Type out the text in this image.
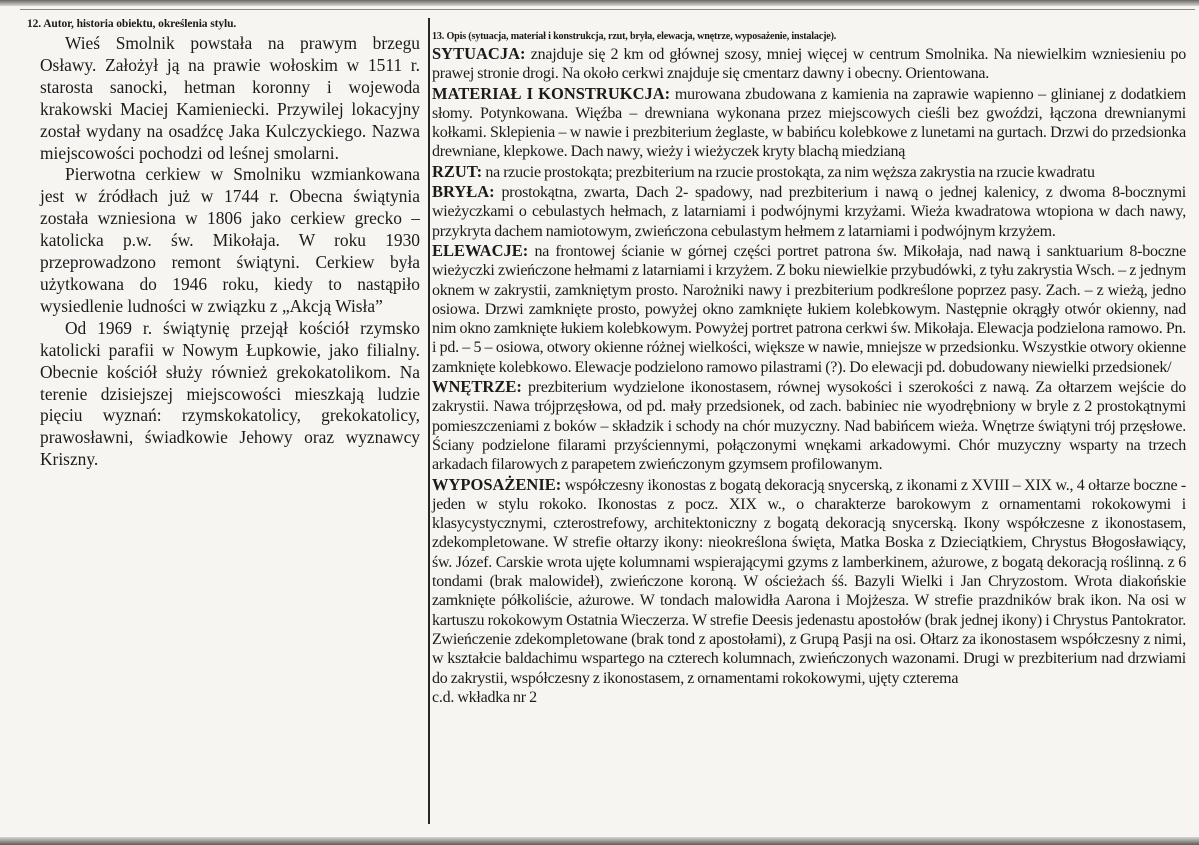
12. Autor, historia obiektu, określenia stylu.

Wieś Smolnik powstała na prawym brzegu Osławy. Założył ją na prawie wołoskim w 1511 r. starosta sanocki, hetman koronny i wojewoda krakowski Maciej Kamieniecki. Przywilej lokacyjny został wydany na osadźcę Jaka Kulczyckiego. Nazwa miejscowości pochodzi od leśnej smolarni.

Pierwotna cerkiew w Smolniku wzmiankowana jest w źródłach już w 1744 r. Obecna świątynia została wzniesiona w 1806 jako cerkiew grecko – katolicka p.w. św. Mikołaja. W roku 1930 przeprowadzono remont świątyni. Cerkiew była użytkowana do 1946 roku, kiedy to nastąpiło wysiedlenie ludności w związku z „Akcją Wisła”

Od 1969 r. świątynię przejął kościół rzymsko katolicki parafii w Nowym Łupkowie, jako filialny. Obecnie kościół służy również grekokatolikom. Na terenie dzisiejszej miejscowości mieszkają ludzie pięciu wyznań: rzymskokatolicy, grekokatolicy, prawosławni, świadkowie Jehowy oraz wyznawcy Kriszny.

13. Opis (sytuacja, materiał i konstrukcja, rzut, bryła, elewacja, wnętrze, wyposażenie, instalacje).

SYTUACJA: znajduje się 2 km od głównej szosy, mniej więcej w centrum Smolnika. Na niewielkim wzniesieniu po prawej stronie drogi. Na około cerkwi znajduje się cmentarz dawny i obecny. Orientowana.

MATERIAŁ I KONSTRUKCJA: murowana zbudowana z kamienia na zaprawie wapienno – glinianej z dodatkiem słomy. Potynkowana. Więźba – drewniana wykonana przez miejscowych cieśli bez gwoździ, łączona drewnianymi kołkami. Sklepienia – w nawie i prezbiterium żeglaste, w babińcu kolebkowe z lunetami na gurtach. Drzwi do przedsionka drewniane, klepkowe. Dach nawy, wieży i wieżyczek kryty blachą miedzianą

RZUT: na rzucie prostokąta; prezbiterium na rzucie prostokąta, za nim węższa zakrystia na rzucie kwadratu

BRYŁA: prostokątna, zwarta, Dach 2- spadowy, nad prezbiterium i nawą o jednej kalenicy, z dwoma 8-bocznymi wieżyczkami o cebulastych hełmach, z latarniami i podwójnymi krzyżami. Wieża kwadratowa wtopiona w dach nawy, przykryta dachem namiotowym, zwieńczona cebulastym hełmem z latarniami i podwójnym krzyżem.

ELEWACJE: na frontowej ścianie w górnej części portret patrona św. Mikołaja, nad nawą i sanktuarium 8-boczne wieżyczki zwieńczone hełmami z latarniami i krzyżem. Z boku niewielkie przybudówki, z tyłu zakrystia Wsch. – z jednym oknem w zakrystii, zamkniętym prosto. Narożniki nawy i prezbiterium podkreślone poprzez pasy. Zach. – z wieżą, jedno osiowa. Drzwi zamknięte prosto, powyżej okno zamknięte łukiem kolebkowym. Następnie okrągły otwór okienny, nad nim okno zamknięte łukiem kolebkowym. Powyżej portret patrona cerkwi św. Mikołaja. Elewacja podzielona ramowo. Pn. i pd. – 5 – osiowa, otwory okienne różnej wielkości, większe w nawie, mniejsze w przedsionku. Wszystkie otwory okienne zamknięte kolebkowo. Elewacje podzielono ramowo pilastrami (?). Do elewacji pd. dobudowany niewielki przedsionek/

WNĘTRZE: prezbiterium wydzielone ikonostasem, równej wysokości i szerokości z nawą. Za ołtarzem wejście do zakrystii. Nawa trójprzęsłowa, od pd. mały przedsionek, od zach. babiniec nie wyodrębniony w bryle z 2 prostokątnymi pomieszczeniami z boków – składzik i schody na chór muzyczny. Nad babińcem wieża. Wnętrze świątyni trój przęsłowe. Ściany podzielone filarami przyściennymi, połączonymi wnękami arkadowymi. Chór muzyczny wsparty na trzech arkadach filarowych z parapetem zwieńczonym gzymsem profilowanym.

WYPOSAŻENIE: współczesny ikonostas z bogatą dekoracją snycerską, z ikonami z XVIII – XIX w., 4 ołtarze boczne - jeden w stylu rokoko. Ikonostas z pocz. XIX w., o charakterze barokowym z ornamentami rokokowymi i klasycystycznymi, czterostrefowy, architektoniczny z bogatą dekoracją snycerską. Ikony współczesne z ikonostasem, zdekompletowane. W strefie ołtarzy ikony: nieokreślona święta, Matka Boska z Dzieciątkiem, Chrystus Błogosławiący, św. Józef. Carskie wrota ujęte kolumnami wspierającymi gzyms z lamberkinem, ażurowe, z bogatą dekoracją roślinną. z 6 tondami (brak malowideł), zwieńczone koroną. W ościeżach śś. Bazyli Wielki i Jan Chryzostom. Wrota diakońskie zamknięte półkoliście, ażurowe. W tondach malowidła Aarona i Mojżesza. W strefie prazdników brak ikon. Na osi w kartuszu rokokowym Ostatnia Wieczerza. W strefie Deesis jedenastu apostołów (brak jednej ikony) i Chrystus Pantokrator. Zwieńczenie zdekompletowane (brak tond z apostołami), z Grupą Pasji na osi. Ołtarz za ikonostasem współczesny z nimi, w kształcie baldachimu wspartego na czterech kolumnach, zwieńczonych wazonami. Drugi w prezbiterium nad drzwiami do zakrystii, współczesny z ikonostasem, z ornamentami rokokowymi, ujęty czterema

c.d. wkładka nr 2
